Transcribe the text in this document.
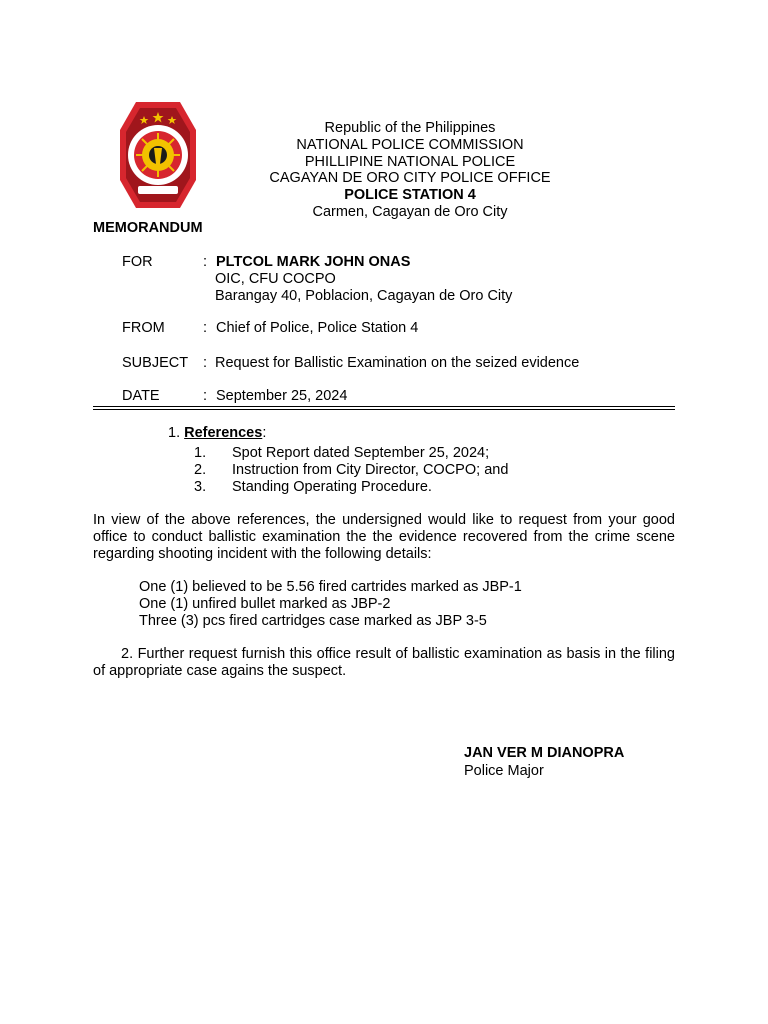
Republic of the Philippines
NATIONAL POLICE COMMISSION
PHILLIPINE NATIONAL POLICE
CAGAYAN DE ORO CITY POLICE OFFICE
POLICE STATION 4
Carmen, Cagayan de Oro City
MEMORANDUM
FOR	: PLTCOL MARK JOHN ONAS
OIC, CFU COCPO
Barangay 40, Poblacion, Cagayan de Oro City
FROM	: Chief of Police, Police Station 4
SUBJECT : Request for Ballistic Examination on the seized evidence
DATE	: September 25, 2024
1. References:
1. Spot Report dated September 25, 2024;
2. Instruction from City Director, COCPO; and
3. Standing Operating Procedure.
In view of the above references, the undersigned would like to request from your good office to conduct ballistic examination the the evidence recovered from the crime scene regarding shooting incident with the following details:
One (1) believed to be 5.56 fired cartrides marked as JBP-1
One (1) unfired bullet marked as JBP-2
Three (3) pcs fired cartridges case marked as JBP 3-5
2. Further request furnish this office result of ballistic examination as basis in the filing of appropriate case agains the suspect.
JAN VER M DIANOPRA
Police Major
